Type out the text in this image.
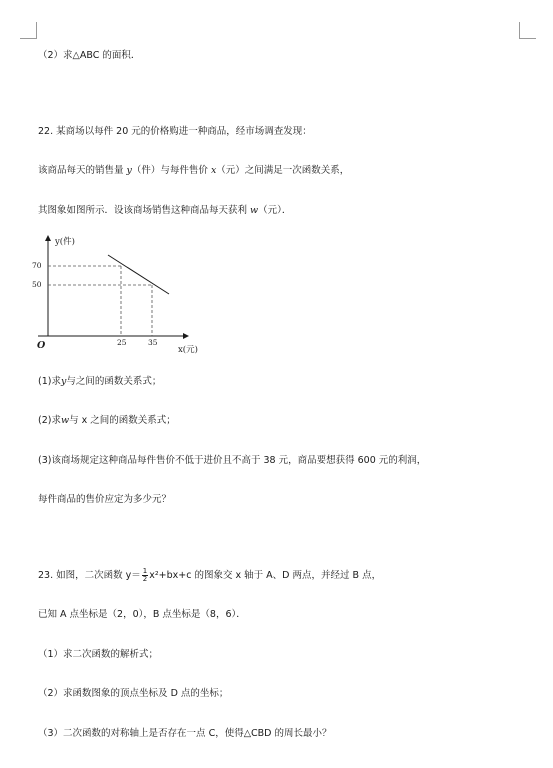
（2）求△ABC 的面积．
22. 某商场以每件 20 元的价格购进一种商品，经市场调查发现：
该商品每天的销售量 y（件）与每件售价 x（元）之间满足一次函数关系，
其图象如图所示．设该商场销售这种商品每天获利 w（元）．
y(件)
x(元)
O
70
50
25	35
(1)求y与之间的函数关系式；
(2)求w与 x 之间的函数关系式；
(3)该商场规定这种商品每件售价不低于进价且不高于 38 元，商品要想获得 600 元的利润，
每件商品的售价应定为多少元？
23. 如图，二次函数 $y= \frac{1}{2} x^2+bx+c$ 的图象交 x 轴于 A、D 两点，并经过 B 点，
已知 A 点坐标是（2，0），B 点坐标是（8，6）．
（1）求二次函数的解析式；
（2）求函数图象的顶点坐标及 D 点的坐标；
（3）二次函数的对称轴上是否存在一点 C，使得△CBD 的周长最小？
